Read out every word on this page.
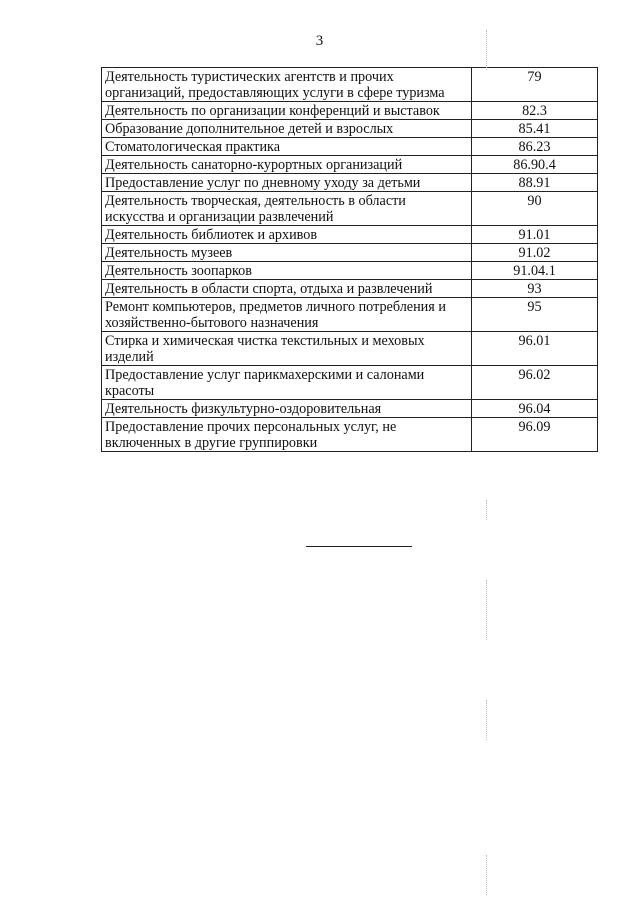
3
Деятельность туристических агентств и прочих организаций, предоставляющих услуги в сфере туризма	79
Деятельность по организации конференций и выставок	82.3
Образование дополнительное детей и взрослых	85.41
Стоматологическая практика	86.23
Деятельность санаторно-курортных организаций	86.90.4
Предоставление услуг по дневному уходу за детьми	88.91
Деятельность творческая, деятельность в области искусства и организации развлечений	90
Деятельность библиотек и архивов	91.01
Деятельность музеев	91.02
Деятельность зоопарков	91.04.1
Деятельность в области спорта, отдыха и развлечений	93
Ремонт компьютеров, предметов личного потребления и хозяйственно-бытового назначения	95
Стирка и химическая чистка текстильных и меховых изделий	96.01
Предоставление услуг парикмахерскими и салонами красоты	96.02
Деятельность физкультурно-оздоровительная	96.04
Предоставление прочих персональных услуг, не включенных в другие группировки	96.09
